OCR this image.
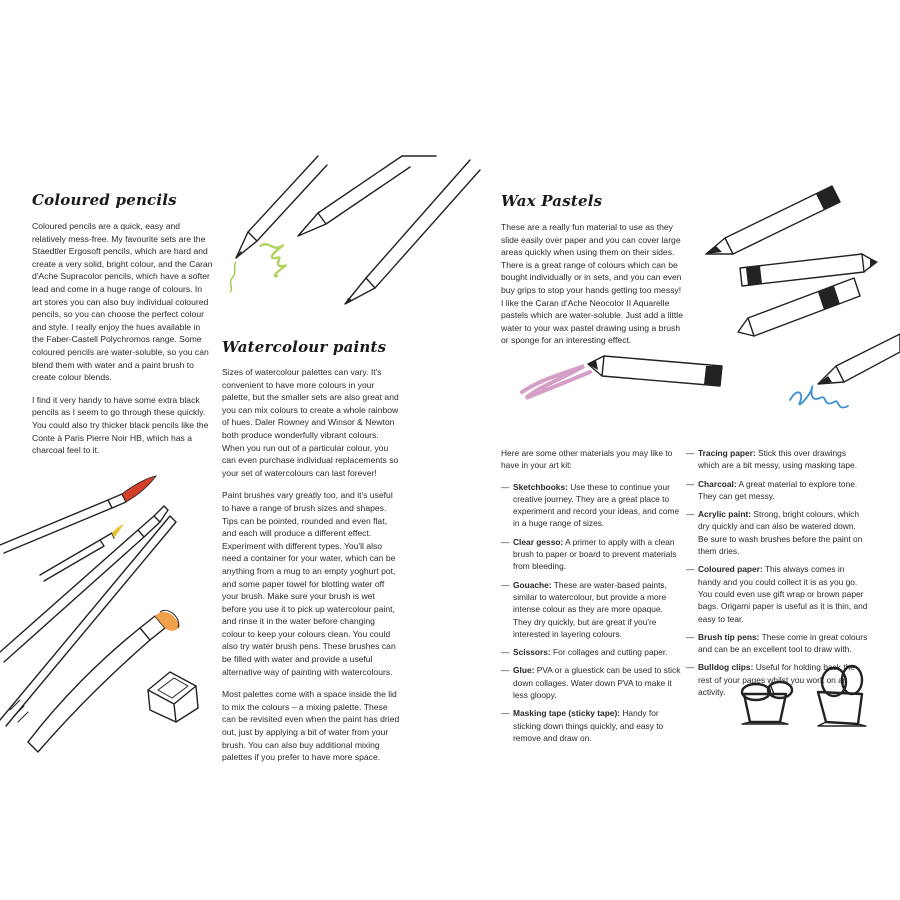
Coloured pencils

Coloured pencils are a quick, easy and relatively mess-free. My favourite sets are the Staedtler Ergosoft pencils, which are hard and create a very solid, bright colour, and the Caran d'Ache Supracolor pencils, which have a softer lead and come in a huge range of colours. In art stores you can also buy individual coloured pencils, so you can choose the perfect colour and style. I really enjoy the hues available in the Faber-Castell Polychromos range. Some coloured pencils are water-soluble, so you can blend them with water and a paint brush to create colour blends.

I find it very handy to have some extra black pencils as I seem to go through these quickly. You could also try thicker black pencils like the Conte à Paris Pierre Noir HB, which has a charcoal feel to it.

Watercolour paints

Sizes of watercolour palettes can vary. It's convenient to have more colours in your palette, but the smaller sets are also great and you can mix colours to create a whole rainbow of hues. Daler Rowney and Winsor & Newton both produce wonderfully vibrant colours. When you run out of a particular colour, you can even purchase individual replacements so your set of watercolours can last forever!

Paint brushes vary greatly too, and it's useful to have a range of brush sizes and shapes. Tips can be pointed, rounded and even flat, and each will produce a different effect. Experiment with different types. You'll also need a container for your water, which can be anything from a mug to an empty yoghurt pot, and some paper towel for blotting water off your brush. Make sure your brush is wet before you use it to pick up watercolour paint, and rinse it in the water before changing colour to keep your colours clean. You could also try water brush pens. These brushes can be filled with water and provide a useful alternative way of painting with watercolours.

Most palettes come with a space inside the lid to mix the colours – a mixing palette. These can be revisited even when the paint has dried out, just by applying a bit of water from your brush. You can also buy additional mixing palettes if you prefer to have more space.

Wax Pastels

These are a really fun material to use as they slide easily over paper and you can cover large areas quickly when using them on their sides. There is a great range of colours which can be bought individually or in sets, and you can even buy grips to stop your hands getting too messy! I like the Caran d'Ache Neocolor II Aquarelle pastels which are water-soluble. Just add a little water to your wax pastel drawing using a brush or sponge for an interesting effect.

Here are some other materials you may like to have in your art kit:
— Sketchbooks: Use these to continue your creative journey. They are a great place to experiment and record your ideas, and come in a huge range of sizes.
— Clear gesso: A primer to apply with a clean brush to paper or board to prevent materials from bleeding.
— Gouache: These are water-based paints, similar to watercolour, but provide a more intense colour as they are more opaque. They dry quickly, but are great if you're interested in layering colours.
— Scissors: For collages and cutting paper.
— Glue: PVA or a gluestick can be used to stick down collages. Water down PVA to make it less gloopy.
— Masking tape (sticky tape): Handy for sticking down things quickly, and easy to remove and draw on.
— Tracing paper: Stick this over drawings which are a bit messy, using masking tape.
— Charcoal: A great material to explore tone. They can get messy.
— Acrylic paint: Strong, bright colours, which dry quickly and can also be watered down. Be sure to wash brushes before the paint on them dries.
— Coloured paper: This always comes in handy and you could collect it is as you go. You could even use gift wrap or brown paper bags. Origami paper is useful as it is thin, and easy to tear.
— Brush tip pens: These come in great colours and can be an excellent tool to draw with.
— Bulldog clips: Useful for holding back the rest of your pages whilst you work on an activity.
